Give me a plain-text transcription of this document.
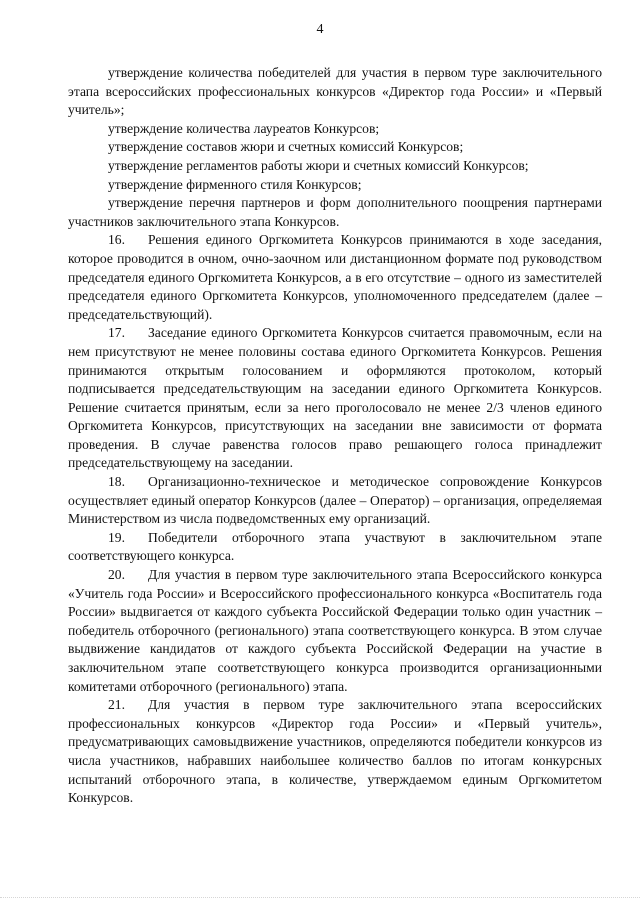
4

утверждение количества победителей для участия в первом туре заключительного этапа всероссийских профессиональных конкурсов «Директор года России» и «Первый учитель»;

утверждение количества лауреатов Конкурсов;

утверждение составов жюри и счетных комиссий Конкурсов;

утверждение регламентов работы жюри и счетных комиссий Конкурсов;

утверждение фирменного стиля Конкурсов;

утверждение перечня партнеров и форм дополнительного поощрения партнерами участников заключительного этапа Конкурсов.

16. Решения единого Оргкомитета Конкурсов принимаются в ходе заседания, которое проводится в очном, очно-заочном или дистанционном формате под руководством председателя единого Оргкомитета Конкурсов, а в его отсутствие – одного из заместителей председателя единого Оргкомитета Конкурсов, уполномоченного председателем (далее – председательствующий).

17. Заседание единого Оргкомитета Конкурсов считается правомочным, если на нем присутствуют не менее половины состава единого Оргкомитета Конкурсов. Решения принимаются открытым голосованием и оформляются протоколом, который подписывается председательствующим на заседании единого Оргкомитета Конкурсов. Решение считается принятым, если за него проголосовало не менее 2/3 членов единого Оргкомитета Конкурсов, присутствующих на заседании вне зависимости от формата проведения. В случае равенства голосов право решающего голоса принадлежит председательствующему на заседании.

18. Организационно-техническое и методическое сопровождение Конкурсов осуществляет единый оператор Конкурсов (далее – Оператор) – организация, определяемая Министерством из числа подведомственных ему организаций.

19. Победители отборочного этапа участвуют в заключительном этапе соответствующего конкурса.

20. Для участия в первом туре заключительного этапа Всероссийского конкурса «Учитель года России» и Всероссийского профессионального конкурса «Воспитатель года России» выдвигается от каждого субъекта Российской Федерации только один участник – победитель отборочного (регионального) этапа соответствующего конкурса. В этом случае выдвижение кандидатов от каждого субъекта Российской Федерации на участие в заключительном этапе соответствующего конкурса производится организационными комитетами отборочного (регионального) этапа.

21. Для участия в первом туре заключительного этапа всероссийских профессиональных конкурсов «Директор года России» и «Первый учитель», предусматривающих самовыдвижение участников, определяются победители конкурсов из числа участников, набравших наибольшее количество баллов по итогам конкурсных испытаний отборочного этапа, в количестве, утверждаемом единым Оргкомитетом Конкурсов.
